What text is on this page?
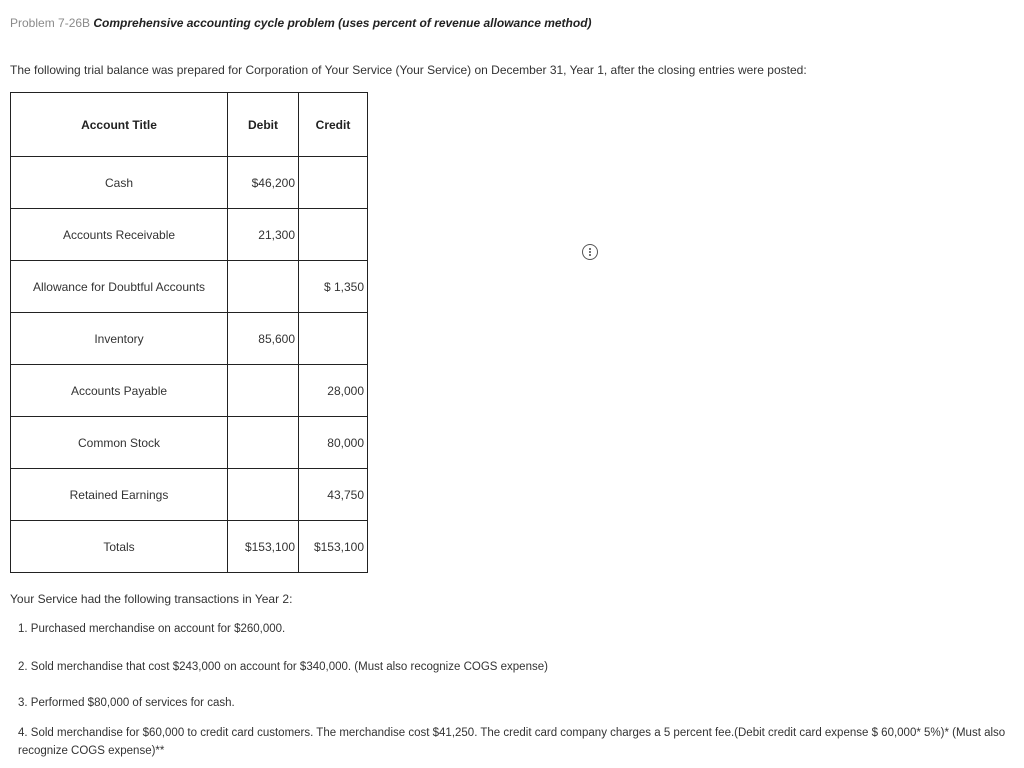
Problem 7-26B Comprehensive accounting cycle problem (uses percent of revenue allowance method)
The following trial balance was prepared for Corporation of Your Service (Your Service) on December 31, Year 1, after the closing entries were posted:
Account Title	Debit	Credit
Cash	$46,200	
Accounts Receivable	21,300	
Allowance for Doubtful Accounts		$ 1,350
Inventory	85,600	
Accounts Payable		28,000
Common Stock		80,000
Retained Earnings		43,750
Totals	$153,100	$153,100
Your Service had the following transactions in Year 2:
1. Purchased merchandise on account for $260,000.
2. Sold merchandise that cost $243,000 on account for $340,000. (Must also recognize COGS expense)
3. Performed $80,000 of services for cash.
4. Sold merchandise for $60,000 to credit card customers. The merchandise cost $41,250. The credit card company charges a 5 percent fee.(Debit credit card expense $ 60,000* 5%)* (Must also recognize COGS expense)**
